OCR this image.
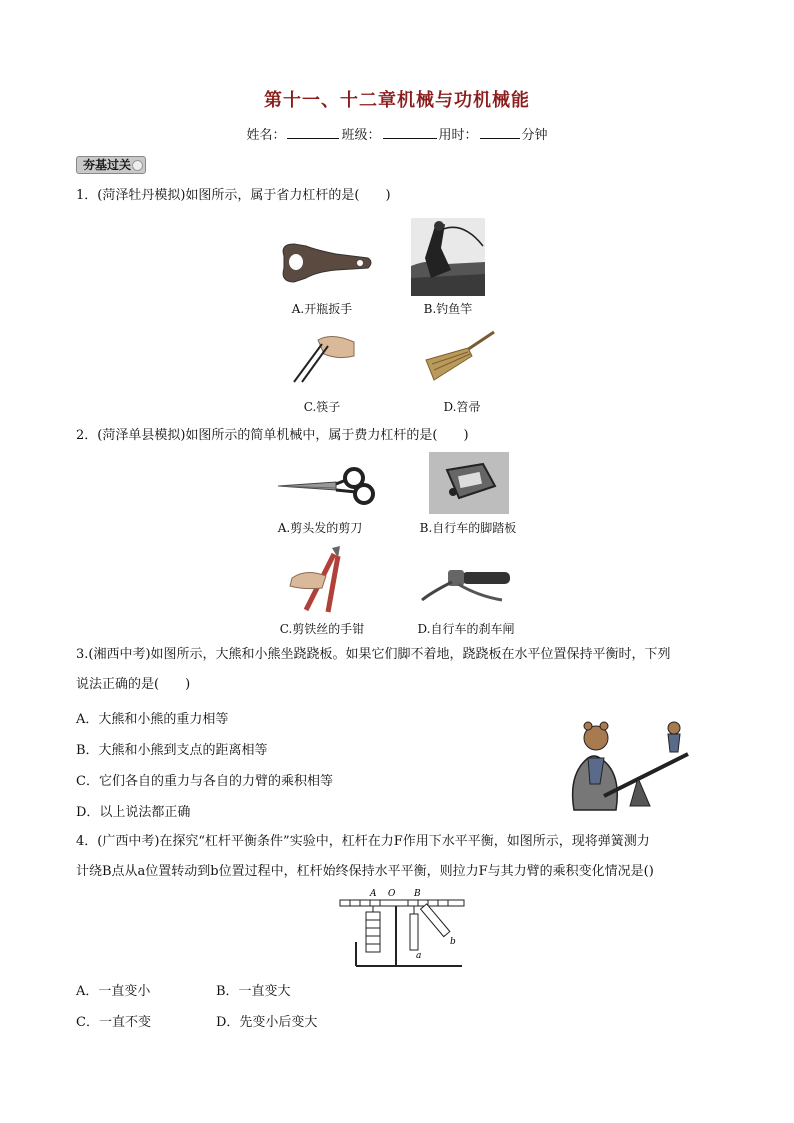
第十一、十二章机械与功机械能
姓名：	班级：	用时：	分钟
夯基过关
1．(菏泽牡丹模拟)如图所示，属于省力杠杆的是(　　)
A.开瓶扳手	B.钓鱼竿
C.筷子	D.笤帚
2．(菏泽单县模拟)如图所示的简单机械中，属于费力杠杆的是(　　)
A.剪头发的剪刀	B.自行车的脚踏板
C.剪铁丝的手钳	D.自行车的刹车闸
3.(湘西中考)如图所示，大熊和小熊坐跷跷板。如果它们脚不着地，跷跷板在水平位置保持平衡时，下列
说法正确的是(　　)
A．大熊和小熊的重力相等
B．大熊和小熊到支点的距离相等
C．它们各自的重力与各自的力臂的乘积相等
D．以上说法都正确
4．(广西中考)在探究“杠杆平衡条件”实验中，杠杆在力F作用下水平平衡，如图所示，现将弹簧测力
计绕B点从a位置转动到b位置过程中，杠杆始终保持水平平衡，则拉力F与其力臂的乘积变化情况是()
A O B
a
b
A．一直变小	B．一直变大
C．一直不变	D．先变小后变大
